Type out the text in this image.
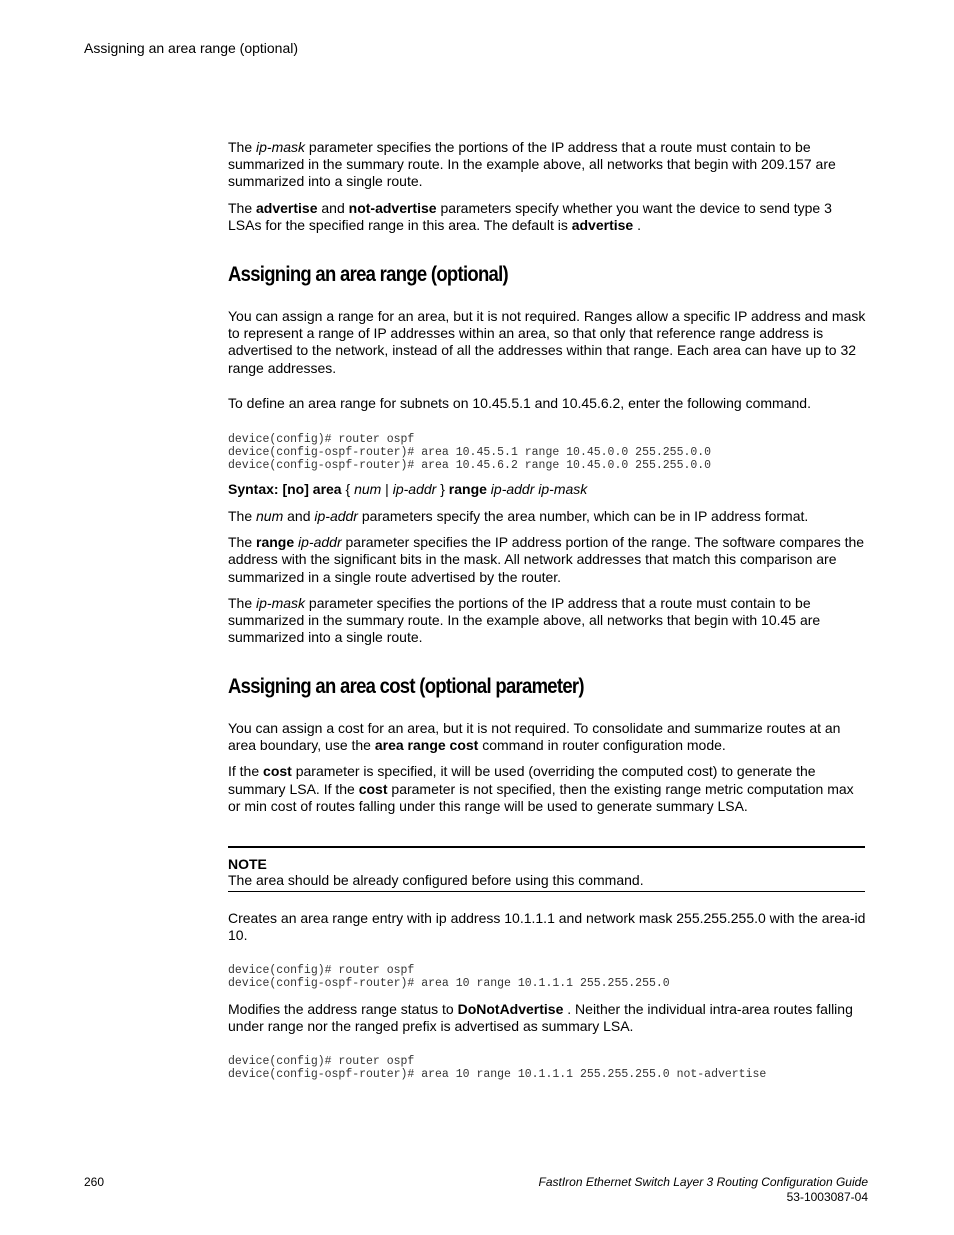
Assigning an area range (optional)

The ip-mask parameter specifies the portions of the IP address that a route must contain to be summarized in the summary route. In the example above, all networks that begin with 209.157 are summarized into a single route.

The advertise and not-advertise parameters specify whether you want the device to send type 3 LSAs for the specified range in this area. The default is advertise .

Assigning an area range (optional)

You can assign a range for an area, but it is not required. Ranges allow a specific IP address and mask to represent a range of IP addresses within an area, so that only that reference range address is advertised to the network, instead of all the addresses within that range. Each area can have up to 32 range addresses.

To define an area range for subnets on 10.45.5.1 and 10.45.6.2, enter the following command.

device(config)# router ospf
device(config-ospf-router)# area 10.45.5.1 range 10.45.0.0 255.255.0.0
device(config-ospf-router)# area 10.45.6.2 range 10.45.0.0 255.255.0.0

Syntax: [no] area { num | ip-addr } range ip-addr ip-mask

The num and ip-addr parameters specify the area number, which can be in IP address format.

The range ip-addr parameter specifies the IP address portion of the range. The software compares the address with the significant bits in the mask. All network addresses that match this comparison are summarized in a single route advertised by the router.

The ip-mask parameter specifies the portions of the IP address that a route must contain to be summarized in the summary route. In the example above, all networks that begin with 10.45 are summarized into a single route.

Assigning an area cost (optional parameter)

You can assign a cost for an area, but it is not required. To consolidate and summarize routes at an area boundary, use the area range cost command in router configuration mode.

If the cost parameter is specified, it will be used (overriding the computed cost) to generate the summary LSA. If the cost parameter is not specified, then the existing range metric computation max or min cost of routes falling under this range will be used to generate summary LSA.

NOTE

The area should be already configured before using this command.

Creates an area range entry with ip address 10.1.1.1 and network mask 255.255.255.0 with the area-id 10.

device(config)# router ospf
device(config-ospf-router)# area 10 range 10.1.1.1 255.255.255.0

Modifies the address range status to DoNotAdvertise . Neither the individual intra-area routes falling under range nor the ranged prefix is advertised as summary LSA.

device(config)# router ospf
device(config-ospf-router)# area 10 range 10.1.1.1 255.255.255.0 not-advertise
260	FastIron Ethernet Switch Layer 3 Routing Configuration Guide
53-1003087-04
